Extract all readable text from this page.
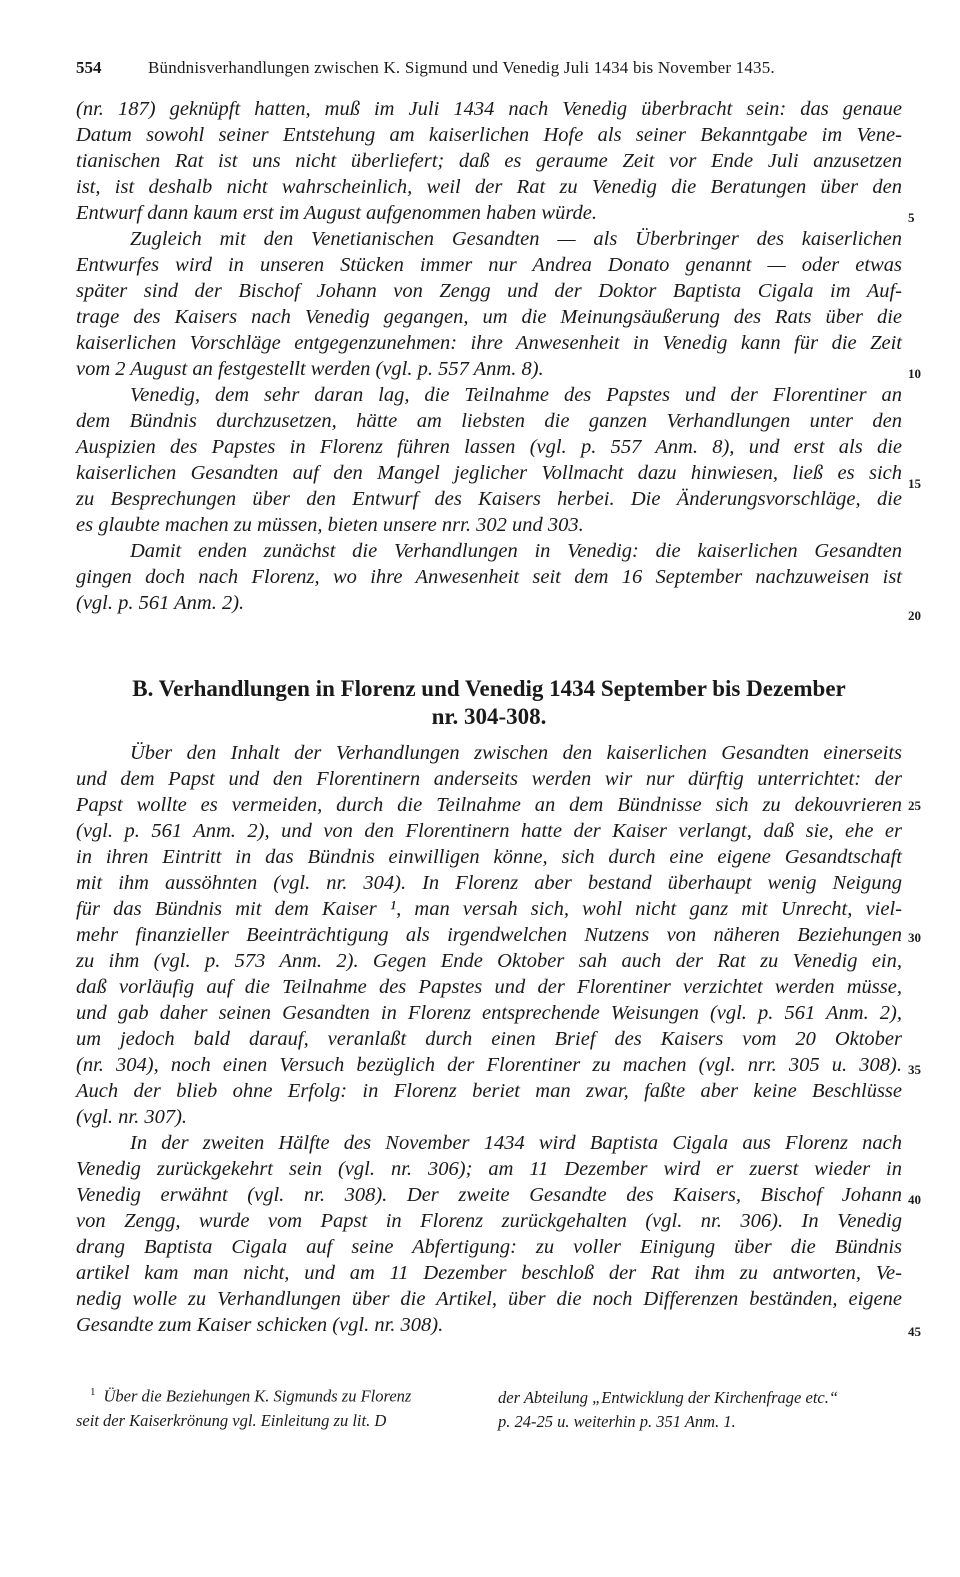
554	Bündnisverhandlungen zwischen K. Sigmund und Venedig Juli 1434 bis November 1435.
(nr. 187) geknüpft hatten, muß im Juli 1434 nach Venedig überbracht sein: das genaue
Datum sowohl seiner Entstehung am kaiserlichen Hofe als seiner Bekanntgabe im Vene-
tianischen Rat ist uns nicht überliefert; daß es geraume Zeit vor Ende Juli anzusetzen
ist, ist deshalb nicht wahrscheinlich, weil der Rat zu Venedig die Beratungen über den
Entwurf dann kaum erst im August aufgenommen haben würde.
Zugleich mit den Venetianischen Gesandten — als Überbringer des kaiserlichen
Entwurfes wird in unseren Stücken immer nur Andrea Donato genannt — oder etwas
später sind der Bischof Johann von Zengg und der Doktor Baptista Cigala im Auf-
trage des Kaisers nach Venedig gegangen, um die Meinungsäußerung des Rats über die
kaiserlichen Vorschläge entgegenzunehmen: ihre Anwesenheit in Venedig kann für die Zeit
vom 2 August an festgestellt werden (vgl. p. 557 Anm. 8).
Venedig, dem sehr daran lag, die Teilnahme des Papstes und der Florentiner an
dem Bündnis durchzusetzen, hätte am liebsten die ganzen Verhandlungen unter den
Auspizien des Papstes in Florenz führen lassen (vgl. p. 557 Anm. 8), und erst als die
kaiserlichen Gesandten auf den Mangel jeglicher Vollmacht dazu hinwiesen, ließ es sich
zu Besprechungen über den Entwurf des Kaisers herbei. Die Änderungsvorschläge, die
es glaubte machen zu müssen, bieten unsere nrr. 302 und 303.
Damit enden zunächst die Verhandlungen in Venedig: die kaiserlichen Gesandten
gingen doch nach Florenz, wo ihre Anwesenheit seit dem 16 September nachzuweisen ist
(vgl. p. 561 Anm. 2).
B. Verhandlungen in Florenz und Venedig 1434 September bis Dezember
nr. 304-308.
Über den Inhalt der Verhandlungen zwischen den kaiserlichen Gesandten einerseits
und dem Papst und den Florentinern anderseits werden wir nur dürftig unterrichtet: der
Papst wollte es vermeiden, durch die Teilnahme an dem Bündnisse sich zu dekouvrieren
(vgl. p. 561 Anm. 2), und von den Florentinern hatte der Kaiser verlangt, daß sie, ehe er
in ihren Eintritt in das Bündnis einwilligen könne, sich durch eine eigene Gesandtschaft
mit ihm aussöhnten (vgl. nr. 304). In Florenz aber bestand überhaupt wenig Neigung
für das Bündnis mit dem Kaiser ¹, man versah sich, wohl nicht ganz mit Unrecht, viel-
mehr finanzieller Beeinträchtigung als irgendwelchen Nutzens von näheren Beziehungen
zu ihm (vgl. p. 573 Anm. 2). Gegen Ende Oktober sah auch der Rat zu Venedig ein,
daß vorläufig auf die Teilnahme des Papstes und der Florentiner verzichtet werden müsse,
und gab daher seinen Gesandten in Florenz entsprechende Weisungen (vgl. p. 561 Anm. 2),
um jedoch bald darauf, veranlaßt durch einen Brief des Kaisers vom 20 Oktober
(nr. 304), noch einen Versuch bezüglich der Florentiner zu machen (vgl. nrr. 305 u. 308).
Auch der blieb ohne Erfolg: in Florenz beriet man zwar, faßte aber keine Beschlüsse
(vgl. nr. 307).
In der zweiten Hälfte des November 1434 wird Baptista Cigala aus Florenz nach
Venedig zurückgekehrt sein (vgl. nr. 306); am 11 Dezember wird er zuerst wieder in
Venedig erwähnt (vgl. nr. 308). Der zweite Gesandte des Kaisers, Bischof Johann
von Zengg, wurde vom Papst in Florenz zurückgehalten (vgl. nr. 306). In Venedig
drang Baptista Cigala auf seine Abfertigung: zu voller Einigung über die Bündnis
artikel kam man nicht, und am 11 Dezember beschloß der Rat ihm zu antworten, Ve-
nedig wolle zu Verhandlungen über die Artikel, über die noch Differenzen beständen, eigene
Gesandte zum Kaiser schicken (vgl. nr. 308).
5
10
15
20
25
30
35
40
45
$^1$ Über die Beziehungen K. Sigmunds zu Florenz
seit der Kaiserkrönung vgl. Einleitung zu lit. D
der Abteilung „Entwicklung der Kirchenfrage etc.“
p. 24-25 u. weiterhin p. 351 Anm. 1.
